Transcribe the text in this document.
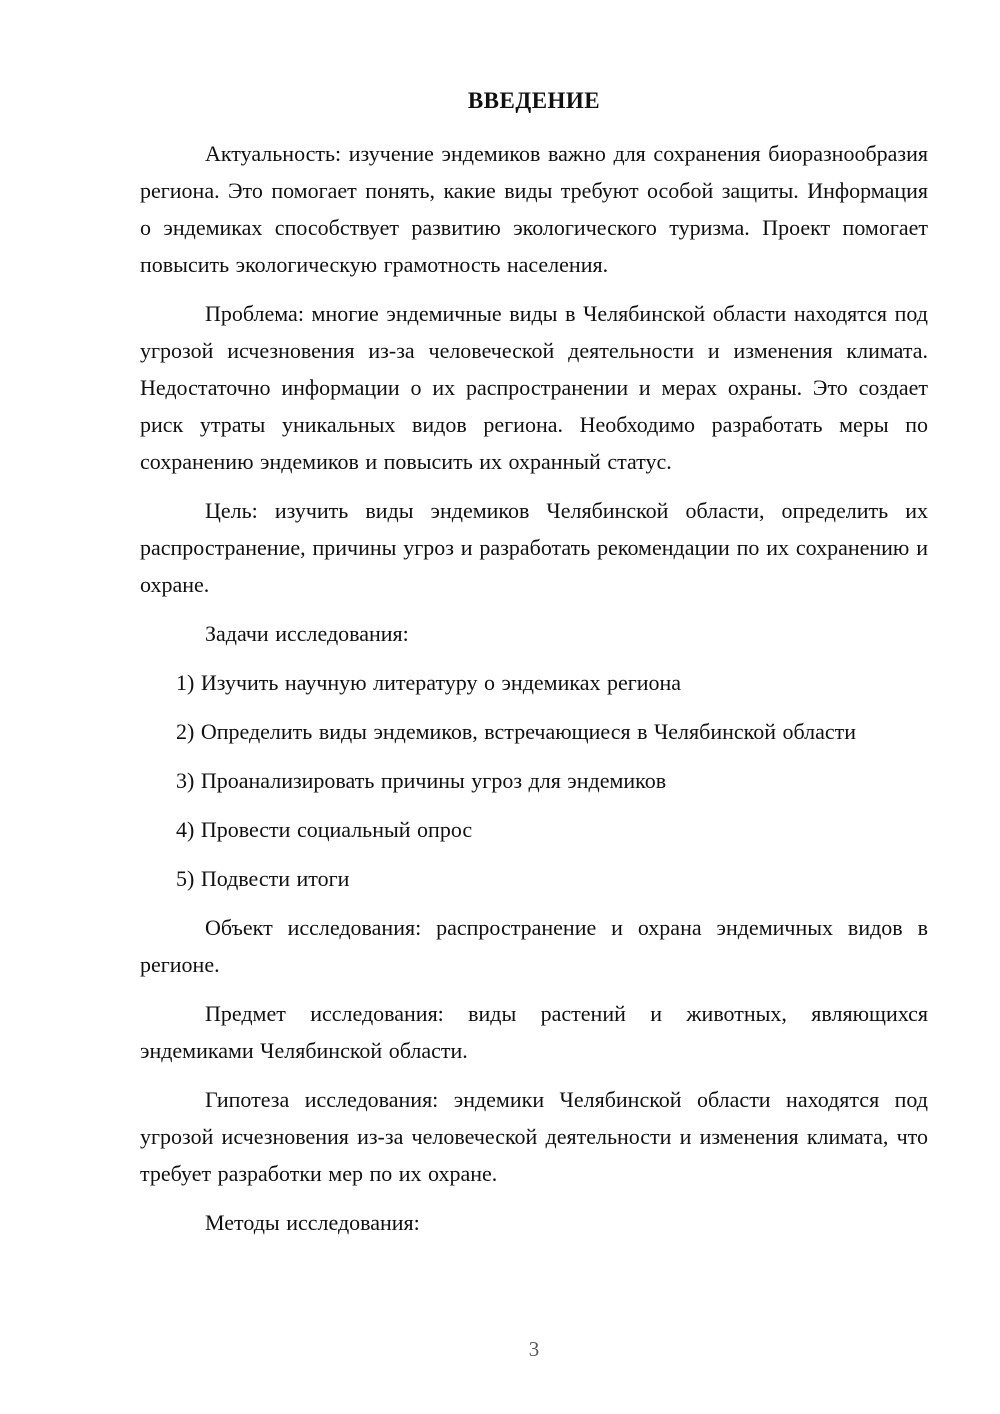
ВВЕДЕНИЕ

Актуальность: изучение эндемиков важно для сохранения биоразнообразия региона. Это помогает понять, какие виды требуют особой защиты. Информация о эндемиках способствует развитию экологического туризма. Проект помогает повысить экологическую грамотность населения.

Проблема: многие эндемичные виды в Челябинской области находятся под угрозой исчезновения из-за человеческой деятельности и изменения климата. Недостаточно информации о их распространении и мерах охраны. Это создает риск утраты уникальных видов региона. Необходимо разработать меры по сохранению эндемиков и повысить их охранный статус.

Цель: изучить виды эндемиков Челябинской области, определить их распространение, причины угроз и разработать рекомендации по их сохранению и охране.

Задачи исследования:

1) Изучить научную литературу о эндемиках региона

2) Определить виды эндемиков, встречающиеся в Челябинской области

3) Проанализировать причины угроз для эндемиков

4) Провести социальный опрос

5) Подвести итоги

Объект исследования: распространение и охрана эндемичных видов в регионе.

Предмет исследования: виды растений и животных, являющихся эндемиками Челябинской области.

Гипотеза исследования: эндемики Челябинской области находятся под угрозой исчезновения из-за человеческой деятельности и изменения климата, что требует разработки мер по их охране.

Методы исследования:

3
